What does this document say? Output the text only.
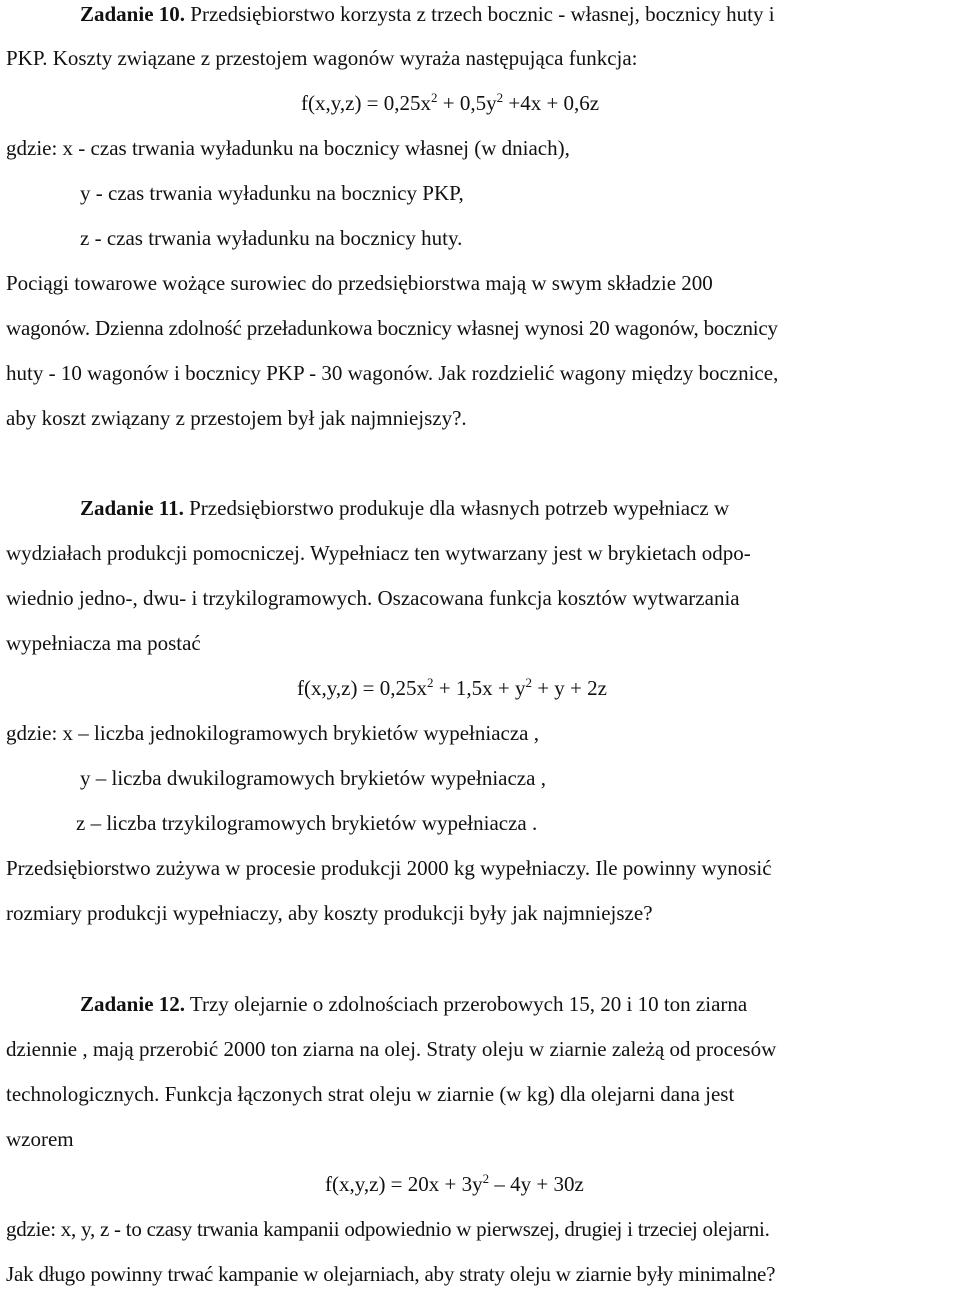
Zadanie 10. Przedsiębiorstwo korzysta z trzech bocznic - własnej, bocznicy huty i
PKP. Koszty związane z przestojem wagonów wyraża następująca funkcja:
$f(x,y,z) = 0,25x^2 + 0,5y^2 +4x + 0,6z$
gdzie: x - czas trwania wyładunku na bocznicy własnej (w dniach),
y - czas trwania wyładunku na bocznicy PKP,
z - czas trwania wyładunku na bocznicy huty.
Pociągi towarowe wożące surowiec do przedsiębiorstwa mają w swym składzie 200
wagonów. Dzienna zdolność przeładunkowa bocznicy własnej wynosi 20 wagonów, bocznicy
huty - 10 wagonów i bocznicy PKP - 30 wagonów. Jak rozdzielić wagony między bocznice,
aby koszt związany z przestojem był jak najmniejszy?.
Zadanie 11. Przedsiębiorstwo produkuje dla własnych potrzeb wypełniacz w
wydziałach produkcji pomocniczej. Wypełniacz ten wytwarzany jest w brykietach odpo-
wiednio jedno-, dwu- i trzykilogramowych. Oszacowana funkcja kosztów wytwarzania
wypełniacza ma postać
$f(x,y,z) = 0,25x^2 + 1,5x + y^2 + y + 2z$
gdzie: x – liczba jednokilogramowych brykietów wypełniacza ,
y – liczba dwukilogramowych brykietów wypełniacza ,
z – liczba trzykilogramowych brykietów wypełniacza .
Przedsiębiorstwo zużywa w procesie produkcji 2000 kg wypełniaczy. Ile powinny wynosić
rozmiary produkcji wypełniaczy, aby koszty produkcji były jak najmniejsze?
Zadanie 12. Trzy olejarnie o zdolnościach przerobowych 15, 20 i 10 ton ziarna
dziennie , mają przerobić 2000 ton ziarna na olej. Straty oleju w ziarnie zależą od procesów
technologicznych. Funkcja łączonych strat oleju w ziarnie (w kg) dla olejarni dana jest
wzorem
$f(x,y,z) = 20x + 3y^2 - 4y + 30z$
gdzie: x, y, z - to czasy trwania kampanii odpowiednio w pierwszej, drugiej i trzeciej olejarni.
Jak długo powinny trwać kampanie w olejarniach, aby straty oleju w ziarnie były minimalne?
